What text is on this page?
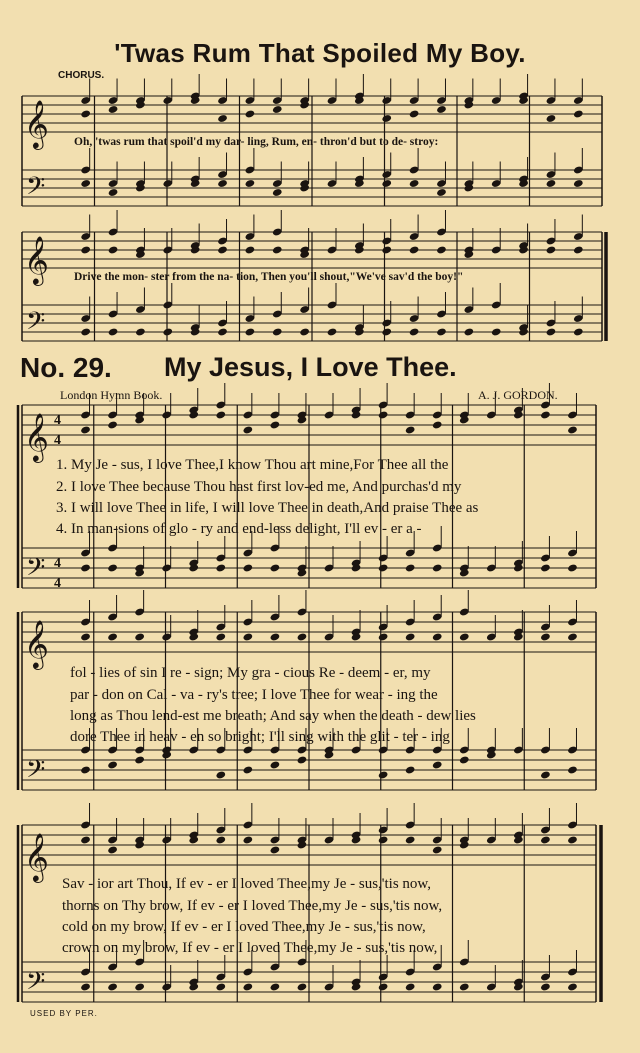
𝄞
𝄢
𝄞
𝄢
𝄞
𝄢
4
4
4
4
𝄞
𝄢
𝄞
𝄢
'Twas Rum That Spoiled My Boy.
CHORUS.
Oh, 'twas rum that spoil'd my dar- ling, Rum, en- thron'd but to de- stroy:
Drive the mon- ster from the na- tion, Then you'll shout,"We've sav'd the boy!"
No. 29. My Jesus, I Love Thee.
London Hymn Book.	A. J. GORDON.
1. My Je - sus, I love Thee,I know Thou art mine,For Thee all the
2. I love Thee because Thou hast first lov-ed me, And purchas'd my
3. I will love Thee in life, I will love Thee in death,And praise Thee as
4. In man-sions of glo - ry and end-less delight, I'll ev - er a -
fol - lies of sin I re - sign; My gra - cious Re - deem - er, my
par - don on Cal - va - ry's tree; I love Thee for wear - ing the
long as Thou lend-est me breath; And say when the death - dew lies
dore Thee in heav - en so bright; I'll sing with the glit - ter - ing
Sav - ior art Thou, If ev - er I loved Thee,my Je - sus,'tis now,
thorns on Thy brow, If ev - er I loved Thee,my Je - sus,'tis now,
cold on my brow, If ev - er I loved Thee,my Je - sus,'tis now,
crown on my brow, If ev - er I loved Thee,my Je - sus,'tis now,
USED BY PER.
